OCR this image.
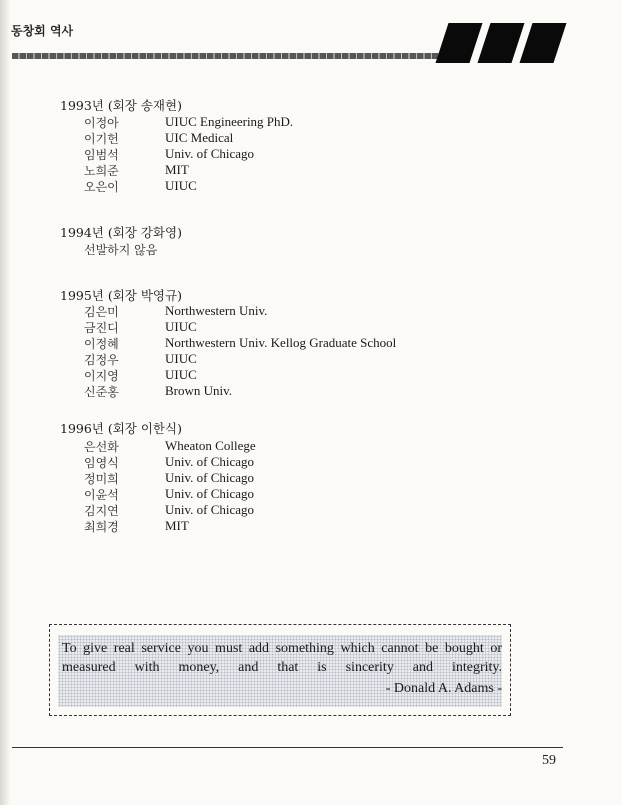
동창회 역사
1993년 (회장 송재현)
이정아	UIUC Engineering PhD.
이기헌	UIC Medical
임범석	Univ. of Chicago
노희준	MIT
오은이	UIUC
1994년 (회장 강화영)
선발하지 않음
1995년 (회장 박영규)
김은미	Northwestern Univ.
금진디	UIUC
이정혜	Northwestern Univ. Kellog Graduate School
김정우	UIUC
이지영	UIUC
신준홍	Brown Univ.
1996년 (회장 이한식)
은선화	Wheaton College
임영식	Univ. of Chicago
정미희	Univ. of Chicago
이윤석	Univ. of Chicago
김지연	Univ. of Chicago
최희경	MIT
To give real service you must add something which cannot be bought or measured with money, and that is sincerity and integrity.
- Donald A. Adams -
59
